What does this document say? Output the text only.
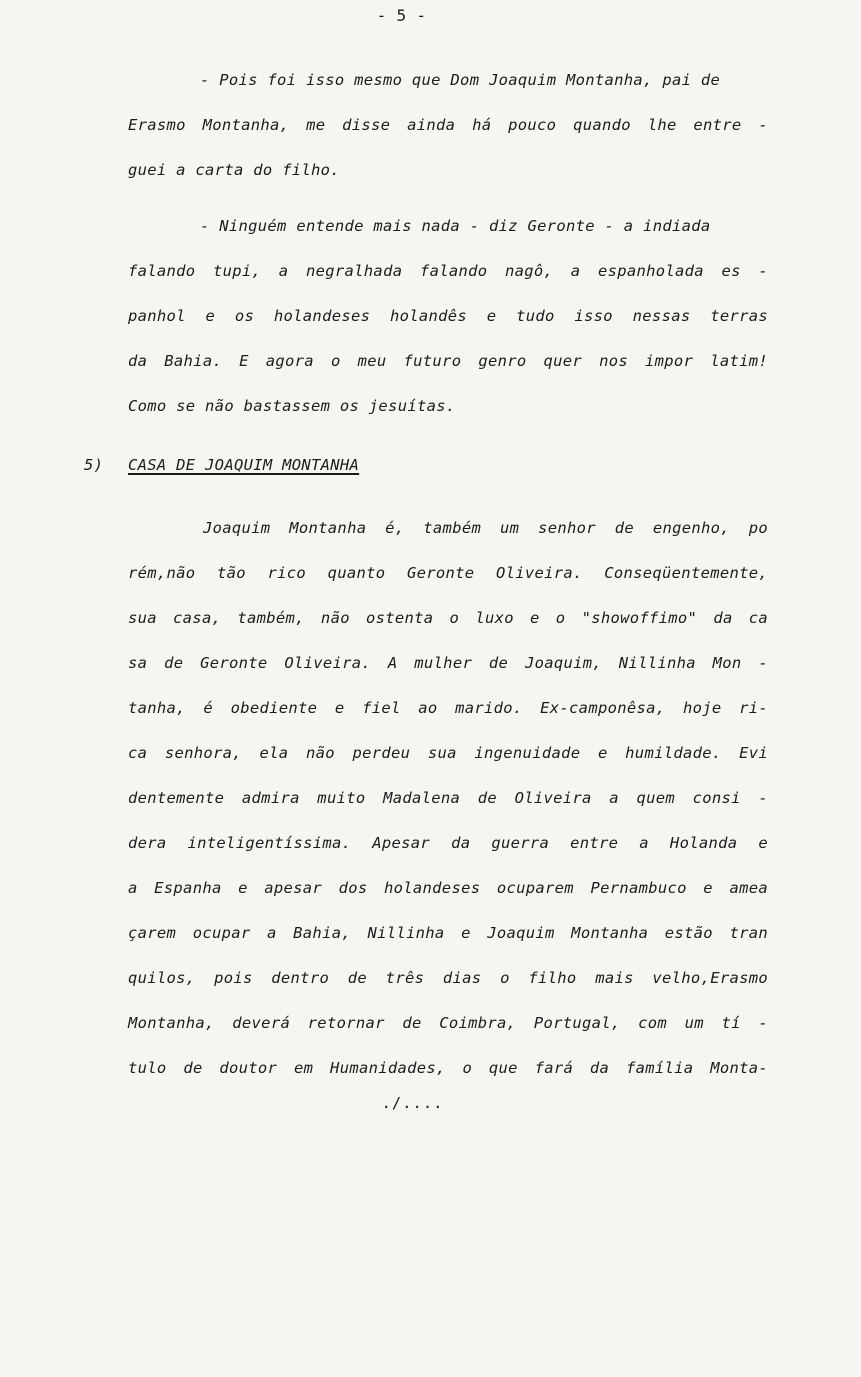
- 5 -
- Pois foi isso mesmo que Dom Joaquim Montanha, pai de
Erasmo Montanha, me disse ainda há pouco quando lhe entre -
guei a carta do filho.
- Ninguém entende mais nada - diz Geronte - a indiada
falando tupi, a negralhada falando nagô, a espanholada es -
panhol e os holandeses holandês e tudo isso nessas terras
da Bahia. E agora o meu futuro genro quer nos impor latim!
Como se não bastassem os jesuítas.
5) CASA DE JOAQUIM MONTANHA
Joaquim Montanha é, também um senhor de engenho, po
rém,não tão rico quanto Geronte Oliveira. Conseqüentemente,
sua casa, também, não ostenta o luxo e o "showoffimo" da ca
sa de Geronte Oliveira. A mulher de Joaquim, Nillinha Mon -
tanha, é obediente e fiel ao marido. Ex-camponêsa, hoje ri-
ca senhora, ela não perdeu sua ingenuidade e humildade. Evi
dentemente admira muito Madalena de Oliveira a quem consi -
dera inteligentíssima. Apesar da guerra entre a Holanda e
a Espanha e apesar dos holandeses ocuparem Pernambuco e amea
çarem ocupar a Bahia, Nillinha e Joaquim Montanha estão tran
quilos, pois dentro de três dias o filho mais velho,Erasmo
Montanha, deverá retornar de Coimbra, Portugal, com um tí -
tulo de doutor em Humanidades, o que fará da família Monta-
./....
